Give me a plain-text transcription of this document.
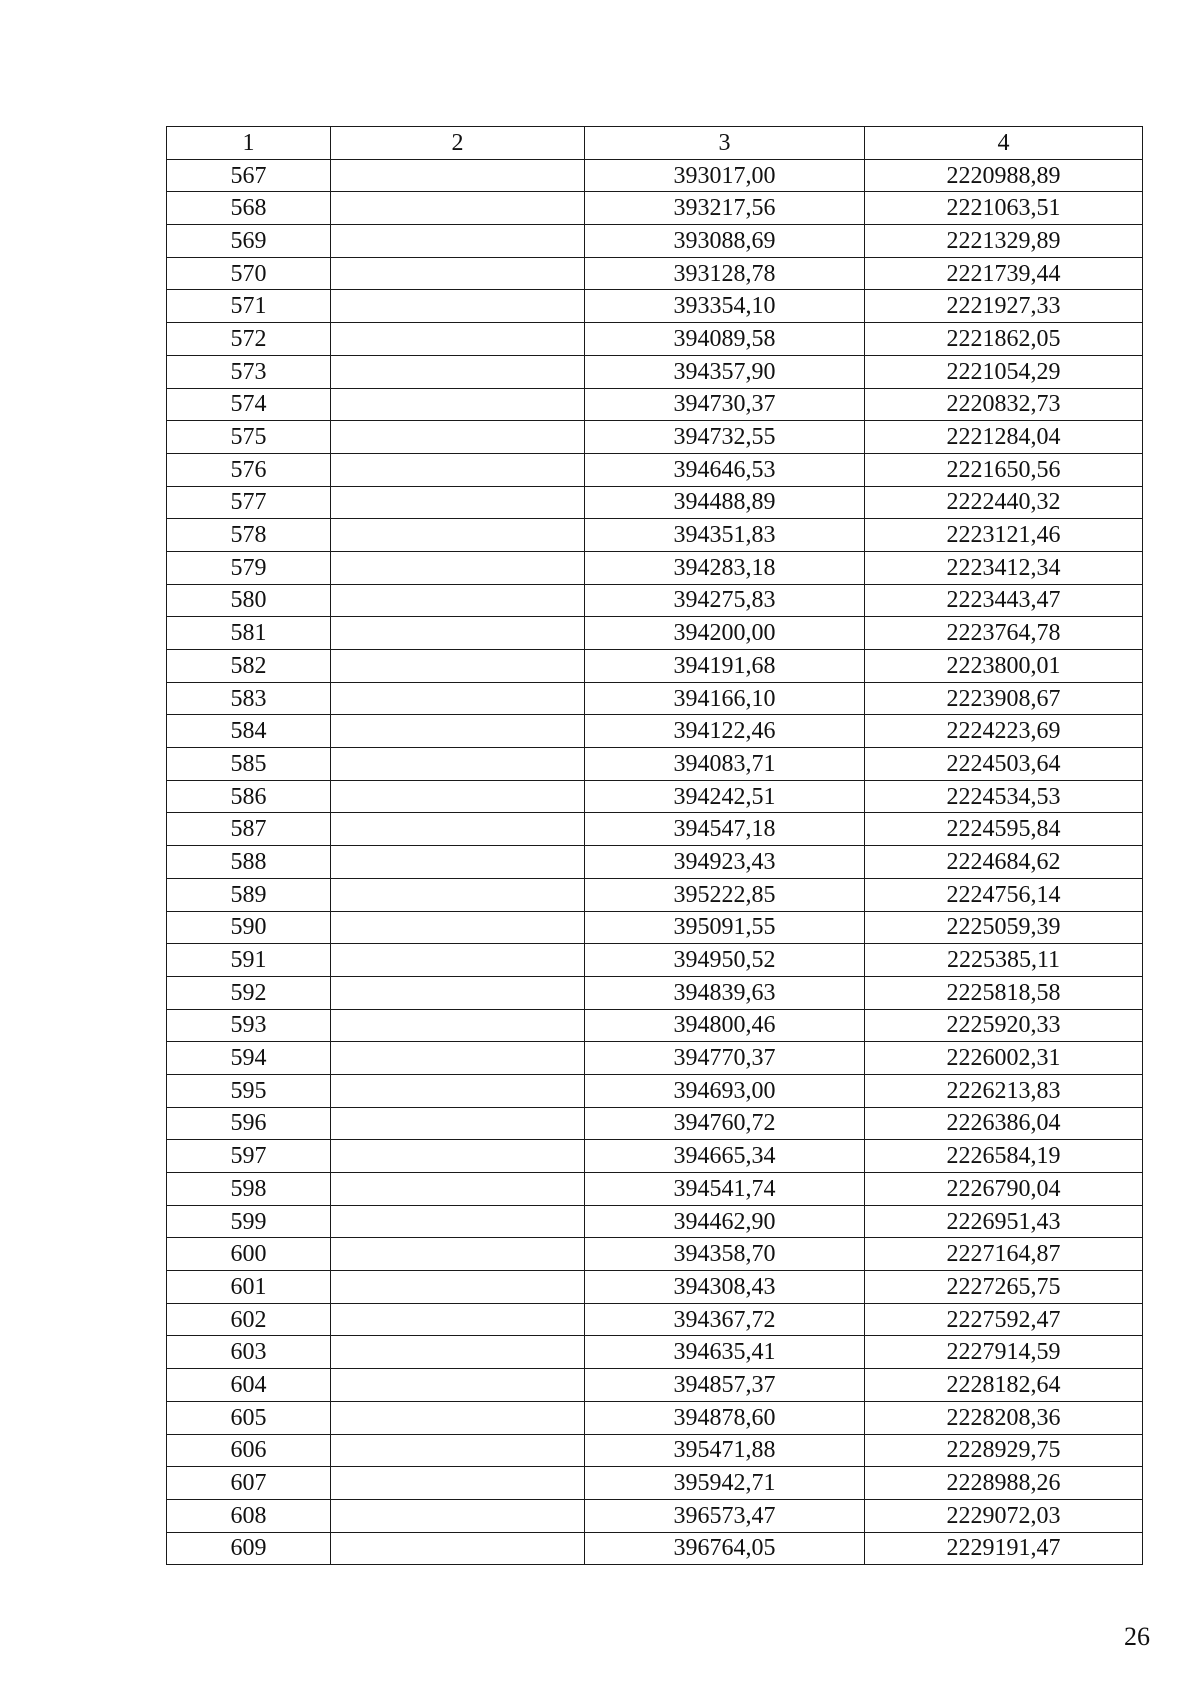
1	2	3	4
567		393017,00	2220988,89
568		393217,56	2221063,51
569		393088,69	2221329,89
570		393128,78	2221739,44
571		393354,10	2221927,33
572		394089,58	2221862,05
573		394357,90	2221054,29
574		394730,37	2220832,73
575		394732,55	2221284,04
576		394646,53	2221650,56
577		394488,89	2222440,32
578		394351,83	2223121,46
579		394283,18	2223412,34
580		394275,83	2223443,47
581		394200,00	2223764,78
582		394191,68	2223800,01
583		394166,10	2223908,67
584		394122,46	2224223,69
585		394083,71	2224503,64
586		394242,51	2224534,53
587		394547,18	2224595,84
588		394923,43	2224684,62
589		395222,85	2224756,14
590		395091,55	2225059,39
591		394950,52	2225385,11
592		394839,63	2225818,58
593		394800,46	2225920,33
594		394770,37	2226002,31
595		394693,00	2226213,83
596		394760,72	2226386,04
597		394665,34	2226584,19
598		394541,74	2226790,04
599		394462,90	2226951,43
600		394358,70	2227164,87
601		394308,43	2227265,75
602		394367,72	2227592,47
603		394635,41	2227914,59
604		394857,37	2228182,64
605		394878,60	2228208,36
606		395471,88	2228929,75
607		395942,71	2228988,26
608		396573,47	2229072,03
609		396764,05	2229191,47
26
